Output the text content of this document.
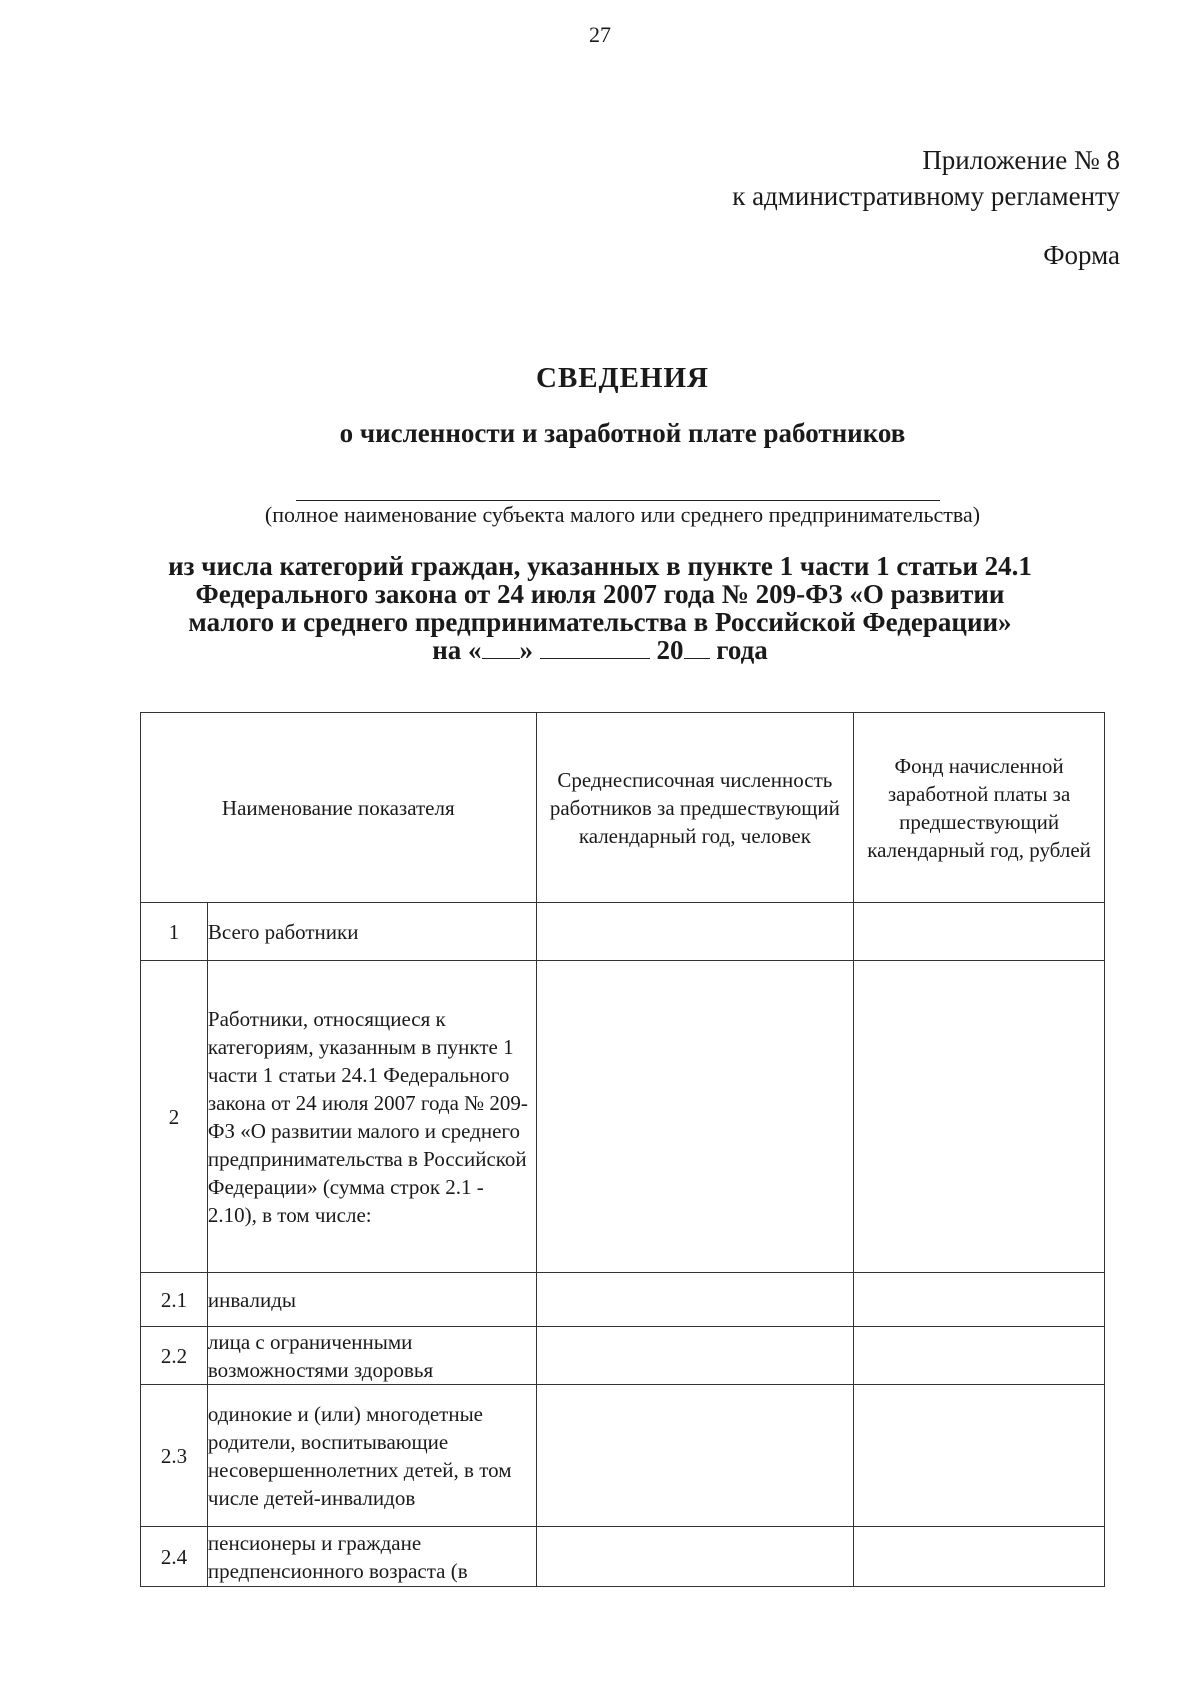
27
Приложение № 8
к административному регламенту
Форма
СВЕДЕНИЯ
о численности и заработной плате работников
(полное наименование субъекта малого или среднего предпринимательства)
из числа категорий граждан, указанных в пункте 1 части 1 статьи 24.1
Федерального закона от 24 июля 2007 года № 209-ФЗ «О развитии
малого и среднего предпринимательства в Российской Федерации»
на « »	20 года
Наименование показателя		Среднесписочная численность работников за предшествующий календарный год, человек	Фонд начисленной заработной платы за предшествующий календарный год, рублей
1	Всего работники		
2	Работники, относящиеся к категориям, указанным в пункте 1 части 1 статьи 24.1 Федерального закона от 24 июля 2007 года № 209-ФЗ «О развитии малого и среднего предпринимательства в Российской Федерации» (сумма строк 2.1 - 2.10), в том числе:		
2.1	инвалиды		
2.2	лица с ограниченными возможностями здоровья		
2.3	одинокие и (или) многодетные родители, воспитывающие несовершеннолетних детей, в том числе детей-инвалидов		
2.4	пенсионеры и граждане предпенсионного возраста (в		
